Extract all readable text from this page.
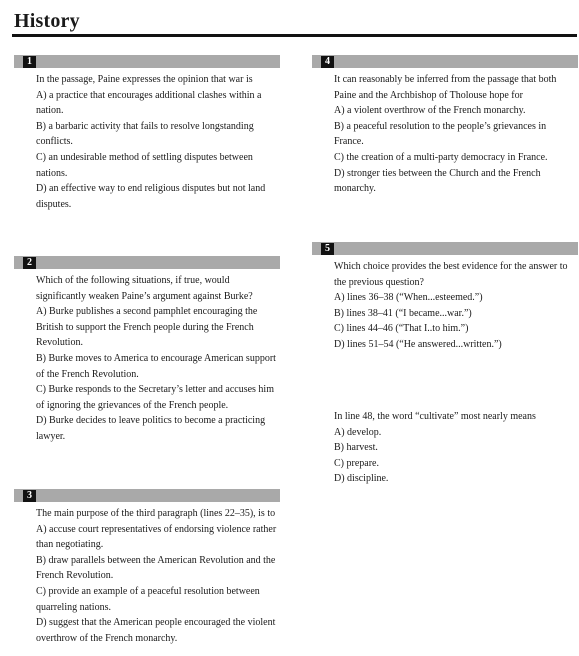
History
1

In the passage, Paine expresses the opinion that war is

A) a practice that encourages additional clashes within a nation.

B) a barbaric activity that fails to resolve longstanding conflicts.

C) an undesirable method of settling disputes between nations.

D) an effective way to end religious disputes but not land disputes.

2

Which of the following situations, if true, would significantly weaken Paine’s argument against Burke?

A) Burke publishes a second pamphlet encouraging the British to support the French people during the French Revolution.

B) Burke moves to America to encourage American support of the French Revolution.

C) Burke responds to the Secretary’s letter and accuses him of ignoring the grievances of the French people.

D) Burke decides to leave politics to become a practicing lawyer.

3

The main purpose of the third paragraph (lines 22–35), is to

A) accuse court representatives of endorsing violence rather than negotiating.

B) draw parallels between the American Revolution and the French Revolution.

C) provide an example of a peaceful resolution between quarreling nations.

D) suggest that the American people encouraged the violent overthrow of the French monarchy.

4

It can reasonably be inferred from the passage that both Paine and the Archbishop of Tholouse hope for

A) a violent overthrow of the French monarchy.

B) a peaceful resolution to the people’s grievances in France.

C) the creation of a multi-party democracy in France.

D) stronger ties between the Church and the French monarchy.

5

Which choice provides the best evidence for the answer to the previous question?

A) lines 36–38 (“When...esteemed.”)

B) lines 38–41 (“I became...war.”)

C) lines 44–46 (“That I..to him.”)

D) lines 51–54 (“He answered...written.”)

In line 48, the word “cultivate” most nearly means

A) develop.

B) harvest.

C) prepare.

D) discipline.
